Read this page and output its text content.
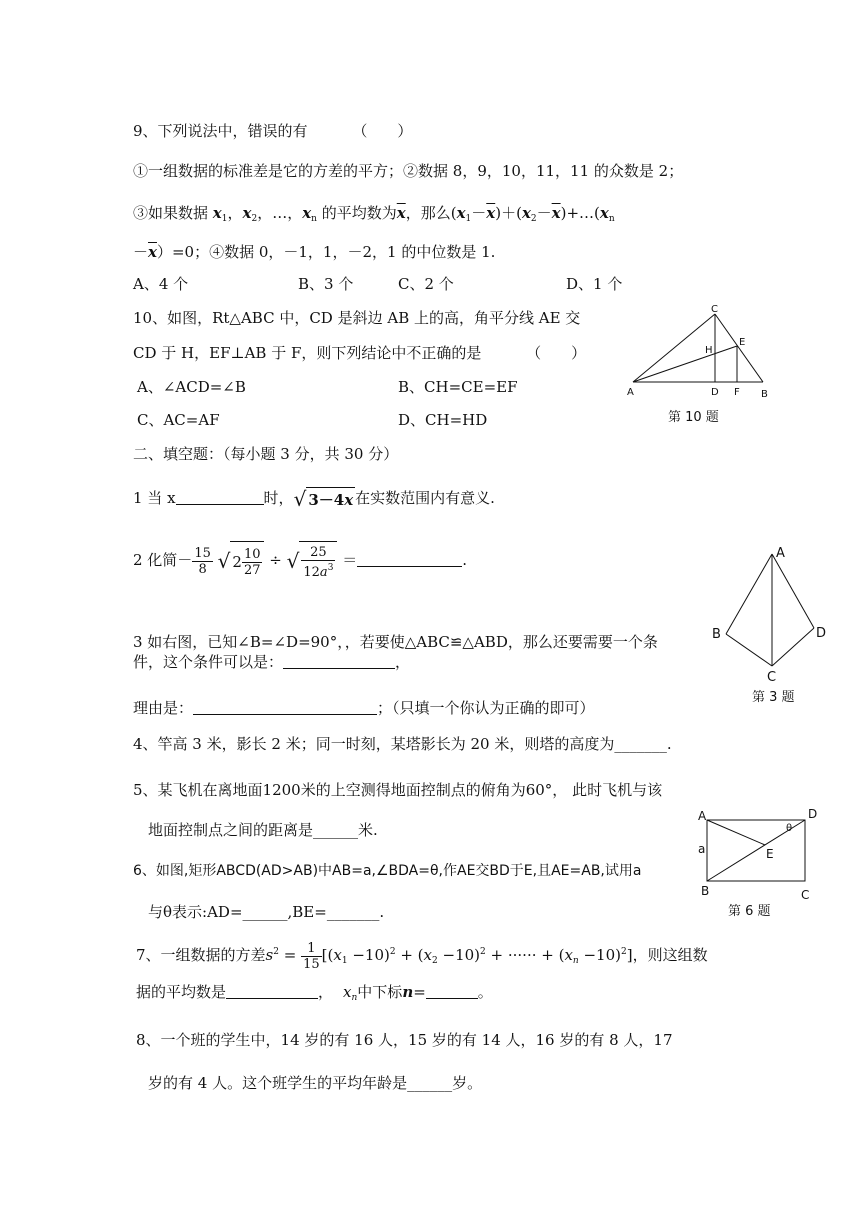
9、下列说法中，错误的有	（　　）
①一组数据的标准差是它的方差的平方；②数据 8，9，10，11，11 的众数是 2；
③如果数据 $x_1$，$x_2$，…，$x_n$ 的平均数为$\overline{x}$，那么$(x_1-\overline{x})+(x_2-\overline{x})+\dots(x_n$
$-\overline{x})=0$；④数据 0，－1，1，－2，1 的中位数是 1.
A、4 个	B、3 个	C、2 个	D、1 个
10、如图，Rt△ABC 中，CD 是斜边 AB 上的高，角平分线 AE 交
CD 于 H，EF⊥AB 于 F，则下列结论中不正确的是	（　　）
A、∠ACD=∠B	B、CH=CE=EF
C、AC=AF	D、CH=HD
C
H
E
A	D F B
第 10 题
二、填空题：（每小题 3 分，共 30 分）
1 当 x	时，√ 3－4x 在实数范围内有意义.
2 化简－ $\frac{15}{8}$ √ $2 \frac{10}{27}$ ÷ √ $\frac{25}{12a^3}$ ＝	.
3 如右图，已知∠B=∠D=90°，，若要使△ABC≌△ABD，那么还要需要一个条
件，这个条件可以是：	，
理由是：	；（只填一个你认为正确的即可）
A
B	D
C
第 3 题
4、竿高 3 米，影长 2 米；同一时刻，某塔影长为 20 米，则塔的高度为_______.
5、某飞机在离地面1200米的上空测得地面控制点的俯角为60°， 此时飞机与该
地面控制点之间的距离是______米.
6、如图,矩形ABCD(AD>AB)中AB=a,∠BDA=θ,作AE交BD于E,且AE=AB,试用a
与θ表示:AD=______,BE=_______.
A	D
θ
E
a
B	C
第 6 题
7、一组数据的方差$s^2 = \frac{1}{15} [(x_1 -10)^2 + (x_2 -10)^2$ + ······ + $(x_n -10)^2$]，则这组数
据的平均数是	， $x_n$中下标n=	。
8、一个班的学生中，14 岁的有 16 人，15 岁的有 14 人，16 岁的有 8 人，17
岁的有 4 人。这个班学生的平均年龄是______岁。
